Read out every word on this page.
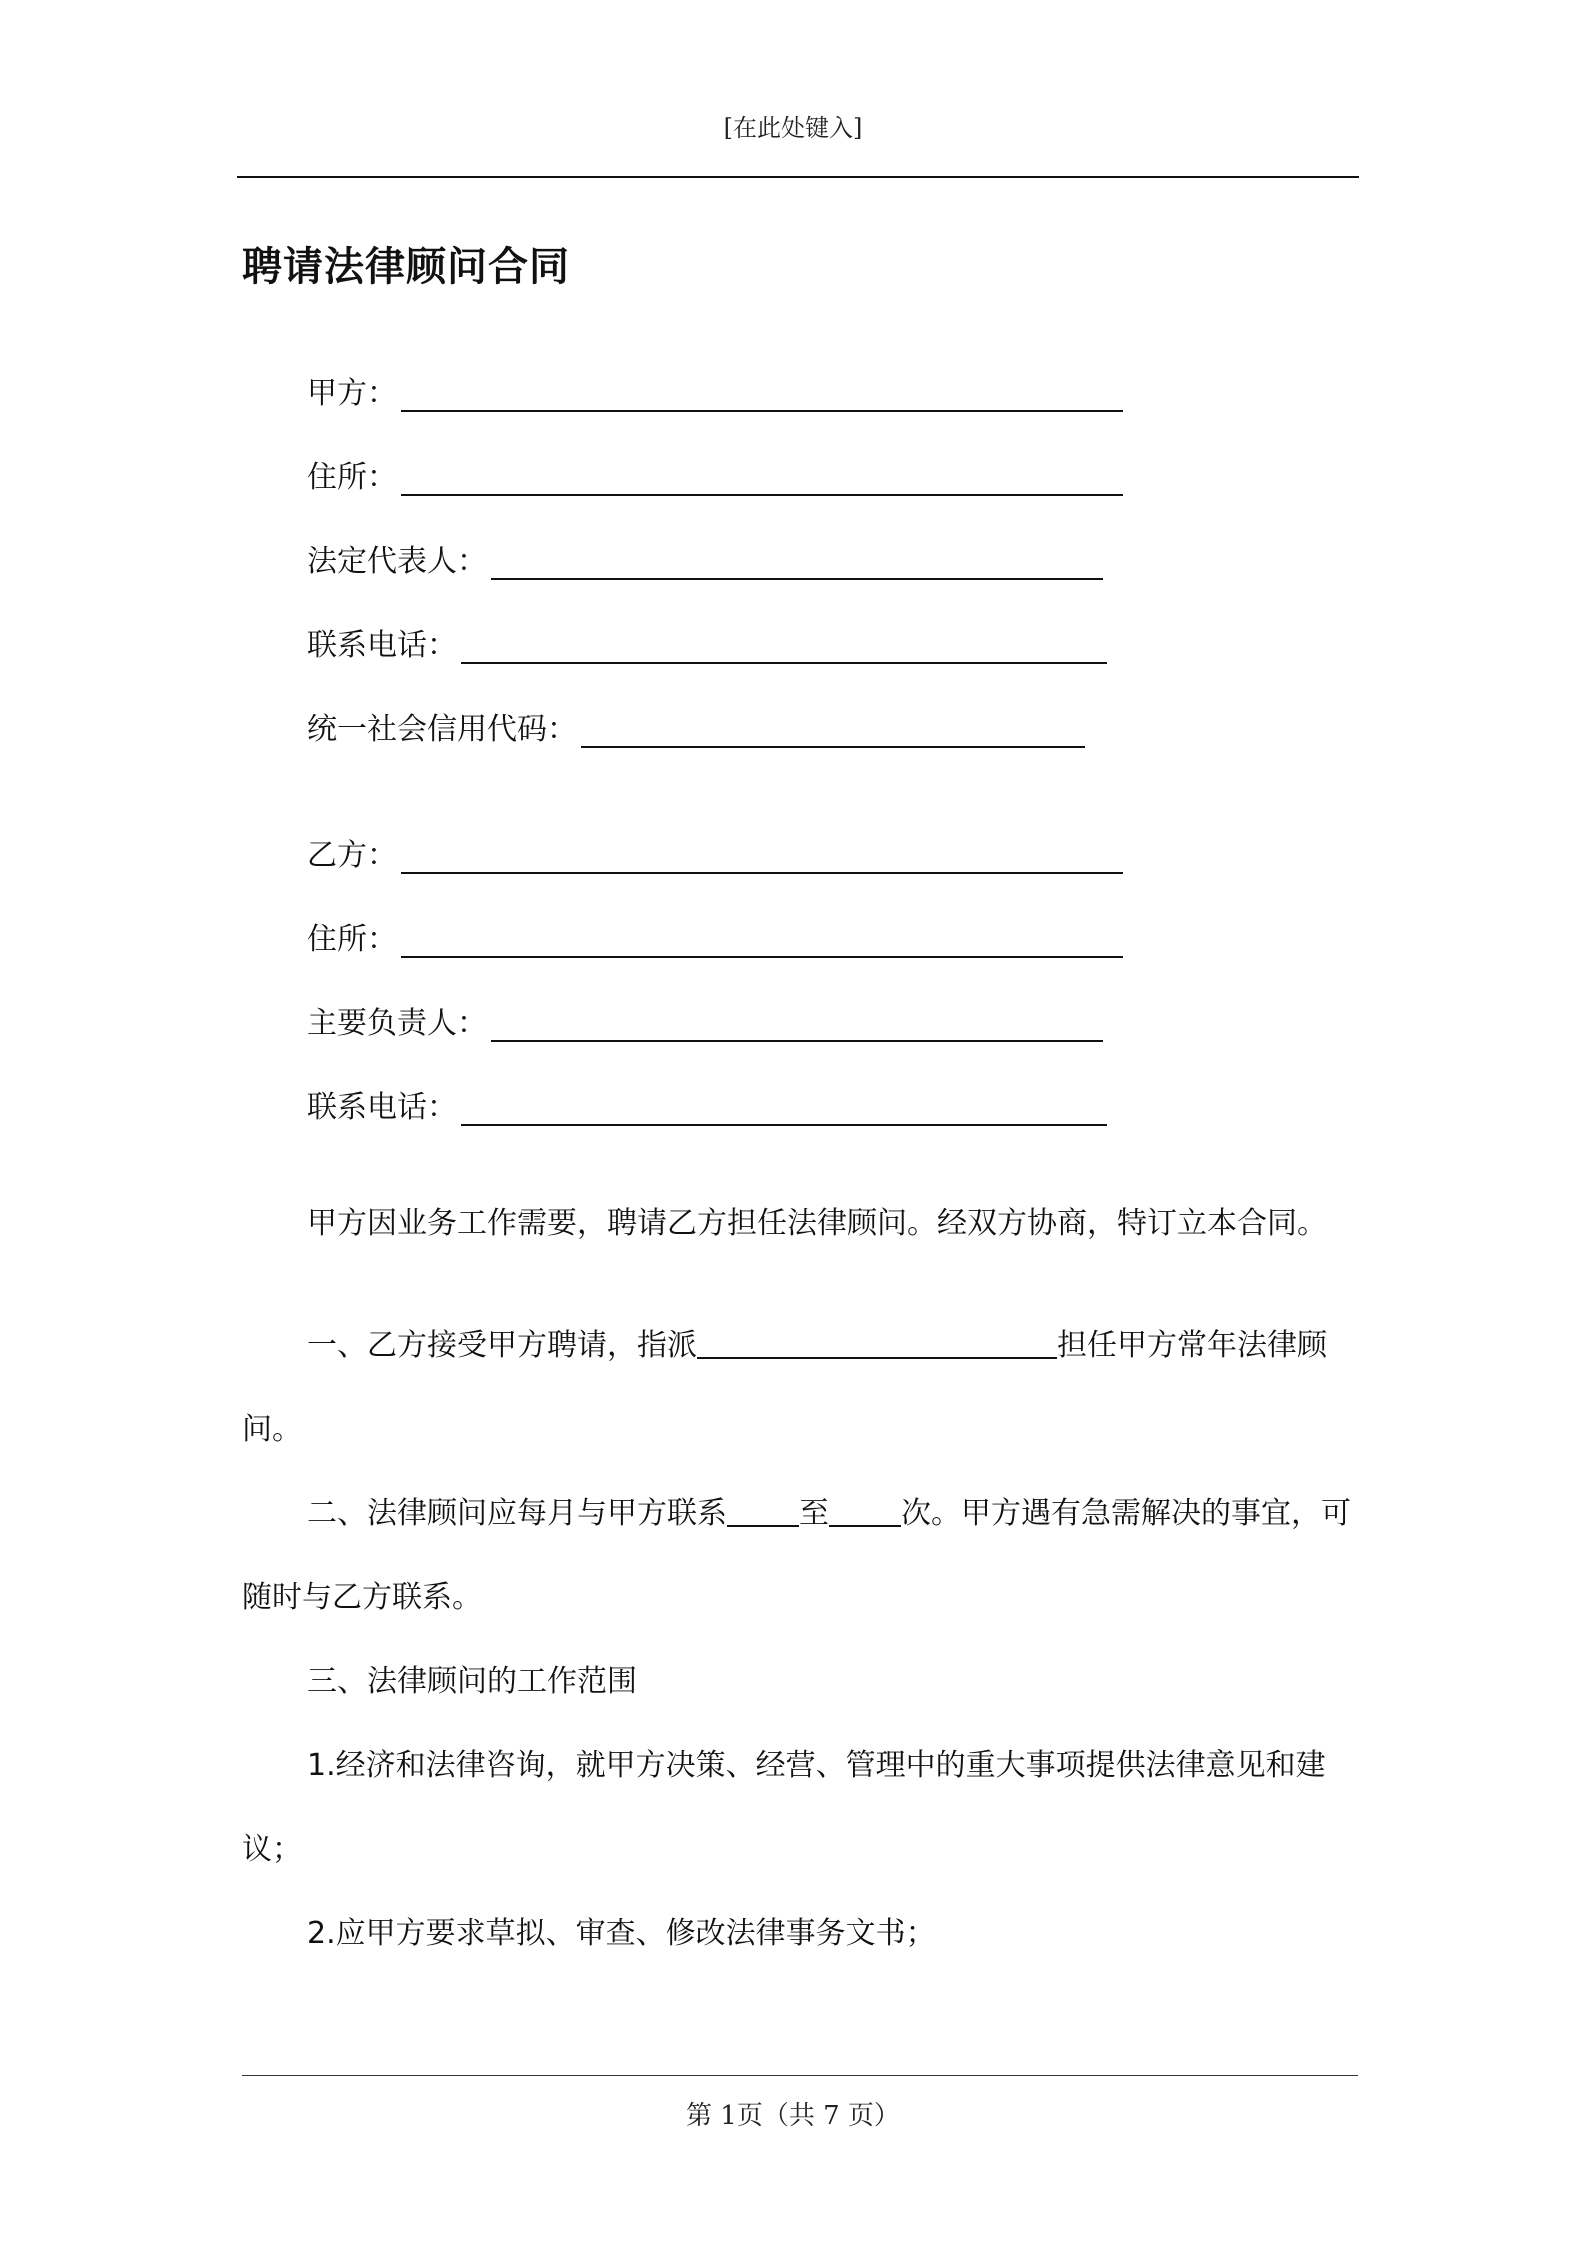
[在此处键入]
聘请法律顾问合同
甲方：
住所：
法定代表人：
联系电话：
统一社会信用代码：
乙方：
住所：
主要负责人：
联系电话：
甲方因业务工作需要，聘请乙方担任法律顾问。经双方协商，特订立本合同。
一、乙方接受甲方聘请，指派	担任甲方常年法律顾问。
二、法律顾问应每月与甲方联系 至 次。甲方遇有急需解决的事宜，可随时与乙方联系。
三、法律顾问的工作范围
1.经济和法律咨询，就甲方决策、经营、管理中的重大事项提供法律意见和建议；
2.应甲方要求草拟、审查、修改法律事务文书；
第 1页（共 7 页）
